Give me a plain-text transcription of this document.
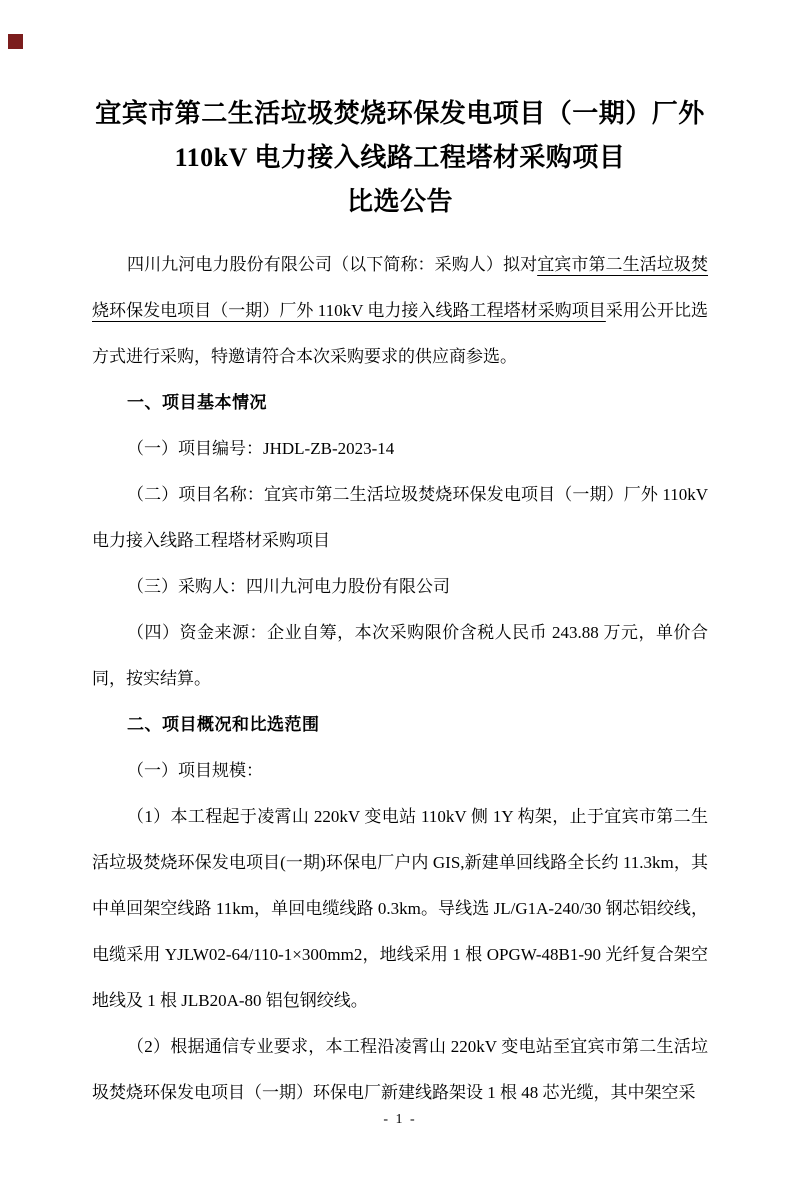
宜宾市第二生活垃圾焚烧环保发电项目（一期）厂外
110kV 电力接入线路工程塔材采购项目
比选公告

四川九河电力股份有限公司（以下简称：采购人）拟对宜宾市第二生活垃圾焚烧环保发电项目（一期）厂外 110kV 电力接入线路工程塔材采购项目采用公开比选方式进行采购，特邀请符合本次采购要求的供应商参选。

一、项目基本情况

（一）项目编号：JHDL-ZB-2023-14

（二）项目名称：宜宾市第二生活垃圾焚烧环保发电项目（一期）厂外 110kV 电力接入线路工程塔材采购项目

（三）采购人：四川九河电力股份有限公司

（四）资金来源：企业自筹，本次采购限价含税人民币 243.88 万元，单价合同，按实结算。

二、项目概况和比选范围

（一）项目规模：

（1）本工程起于凌霄山 220kV 变电站 110kV 侧 1Y 构架，止于宜宾市第二生活垃圾焚烧环保发电项目(一期)环保电厂户内 GIS,新建单回线路全长约 11.3km，其中单回架空线路 11km，单回电缆线路 0.3km。导线选 JL/G1A-240/30 钢芯铝绞线，电缆采用 YJLW02-64/110-1×300mm2，地线采用 1 根 OPGW-48B1-90 光纤复合架空地线及 1 根 JLB20A-80 铝包钢绞线。

（2）根据通信专业要求，本工程沿凌霄山 220kV 变电站至宜宾市第二生活垃圾焚烧环保发电项目（一期）环保电厂新建线路架设 1 根 48 芯光缆，其中架空采

- 1 -
